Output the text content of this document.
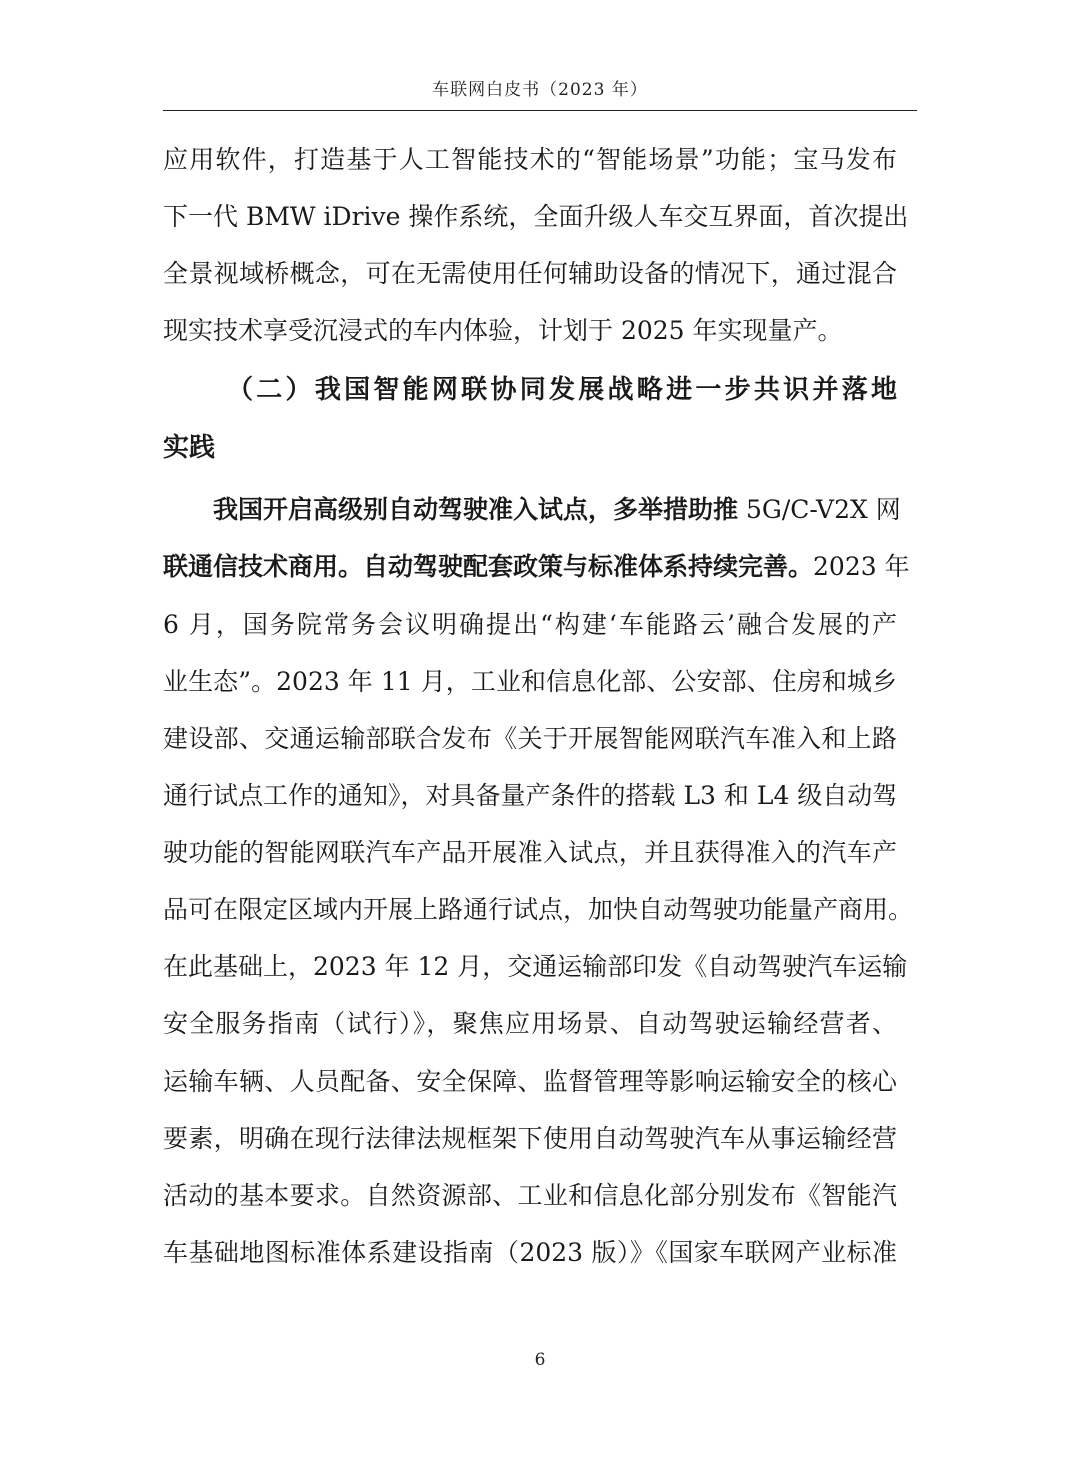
车联网白皮书（2023 年）
应用软件，打造基于人工智能技术的“智能场景”功能；宝马发布
下一代 BMW iDrive 操作系统，全面升级人车交互界面，首次提出
全景视域桥概念，可在无需使用任何辅助设备的情况下，通过混合
现实技术享受沉浸式的车内体验，计划于 2025 年实现量产。
（二）我国智能网联协同发展战略进一步共识并落地
实践
我国开启高级别自动驾驶准入试点，多举措助推 5G/C-V2X 网
联通信技术商用。自动驾驶配套政策与标准体系持续完善。2023 年
6 月，国务院常务会议明确提出“构建‘车能路云’融合发展的产
业生态”。2023 年 11 月，工业和信息化部、公安部、住房和城乡
建设部、交通运输部联合发布《关于开展智能网联汽车准入和上路
通行试点工作的通知》，对具备量产条件的搭载 L3 和 L4 级自动驾
驶功能的智能网联汽车产品开展准入试点，并且获得准入的汽车产
品可在限定区域内开展上路通行试点，加快自动驾驶功能量产商用。
在此基础上，2023 年 12 月，交通运输部印发《自动驾驶汽车运输
安全服务指南（试行）》，聚焦应用场景、自动驾驶运输经营者、
运输车辆、人员配备、安全保障、监督管理等影响运输安全的核心
要素，明确在现行法律法规框架下使用自动驾驶汽车从事运输经营
活动的基本要求。自然资源部、工业和信息化部分别发布《智能汽
车基础地图标准体系建设指南（2023 版）》《国家车联网产业标准
6
